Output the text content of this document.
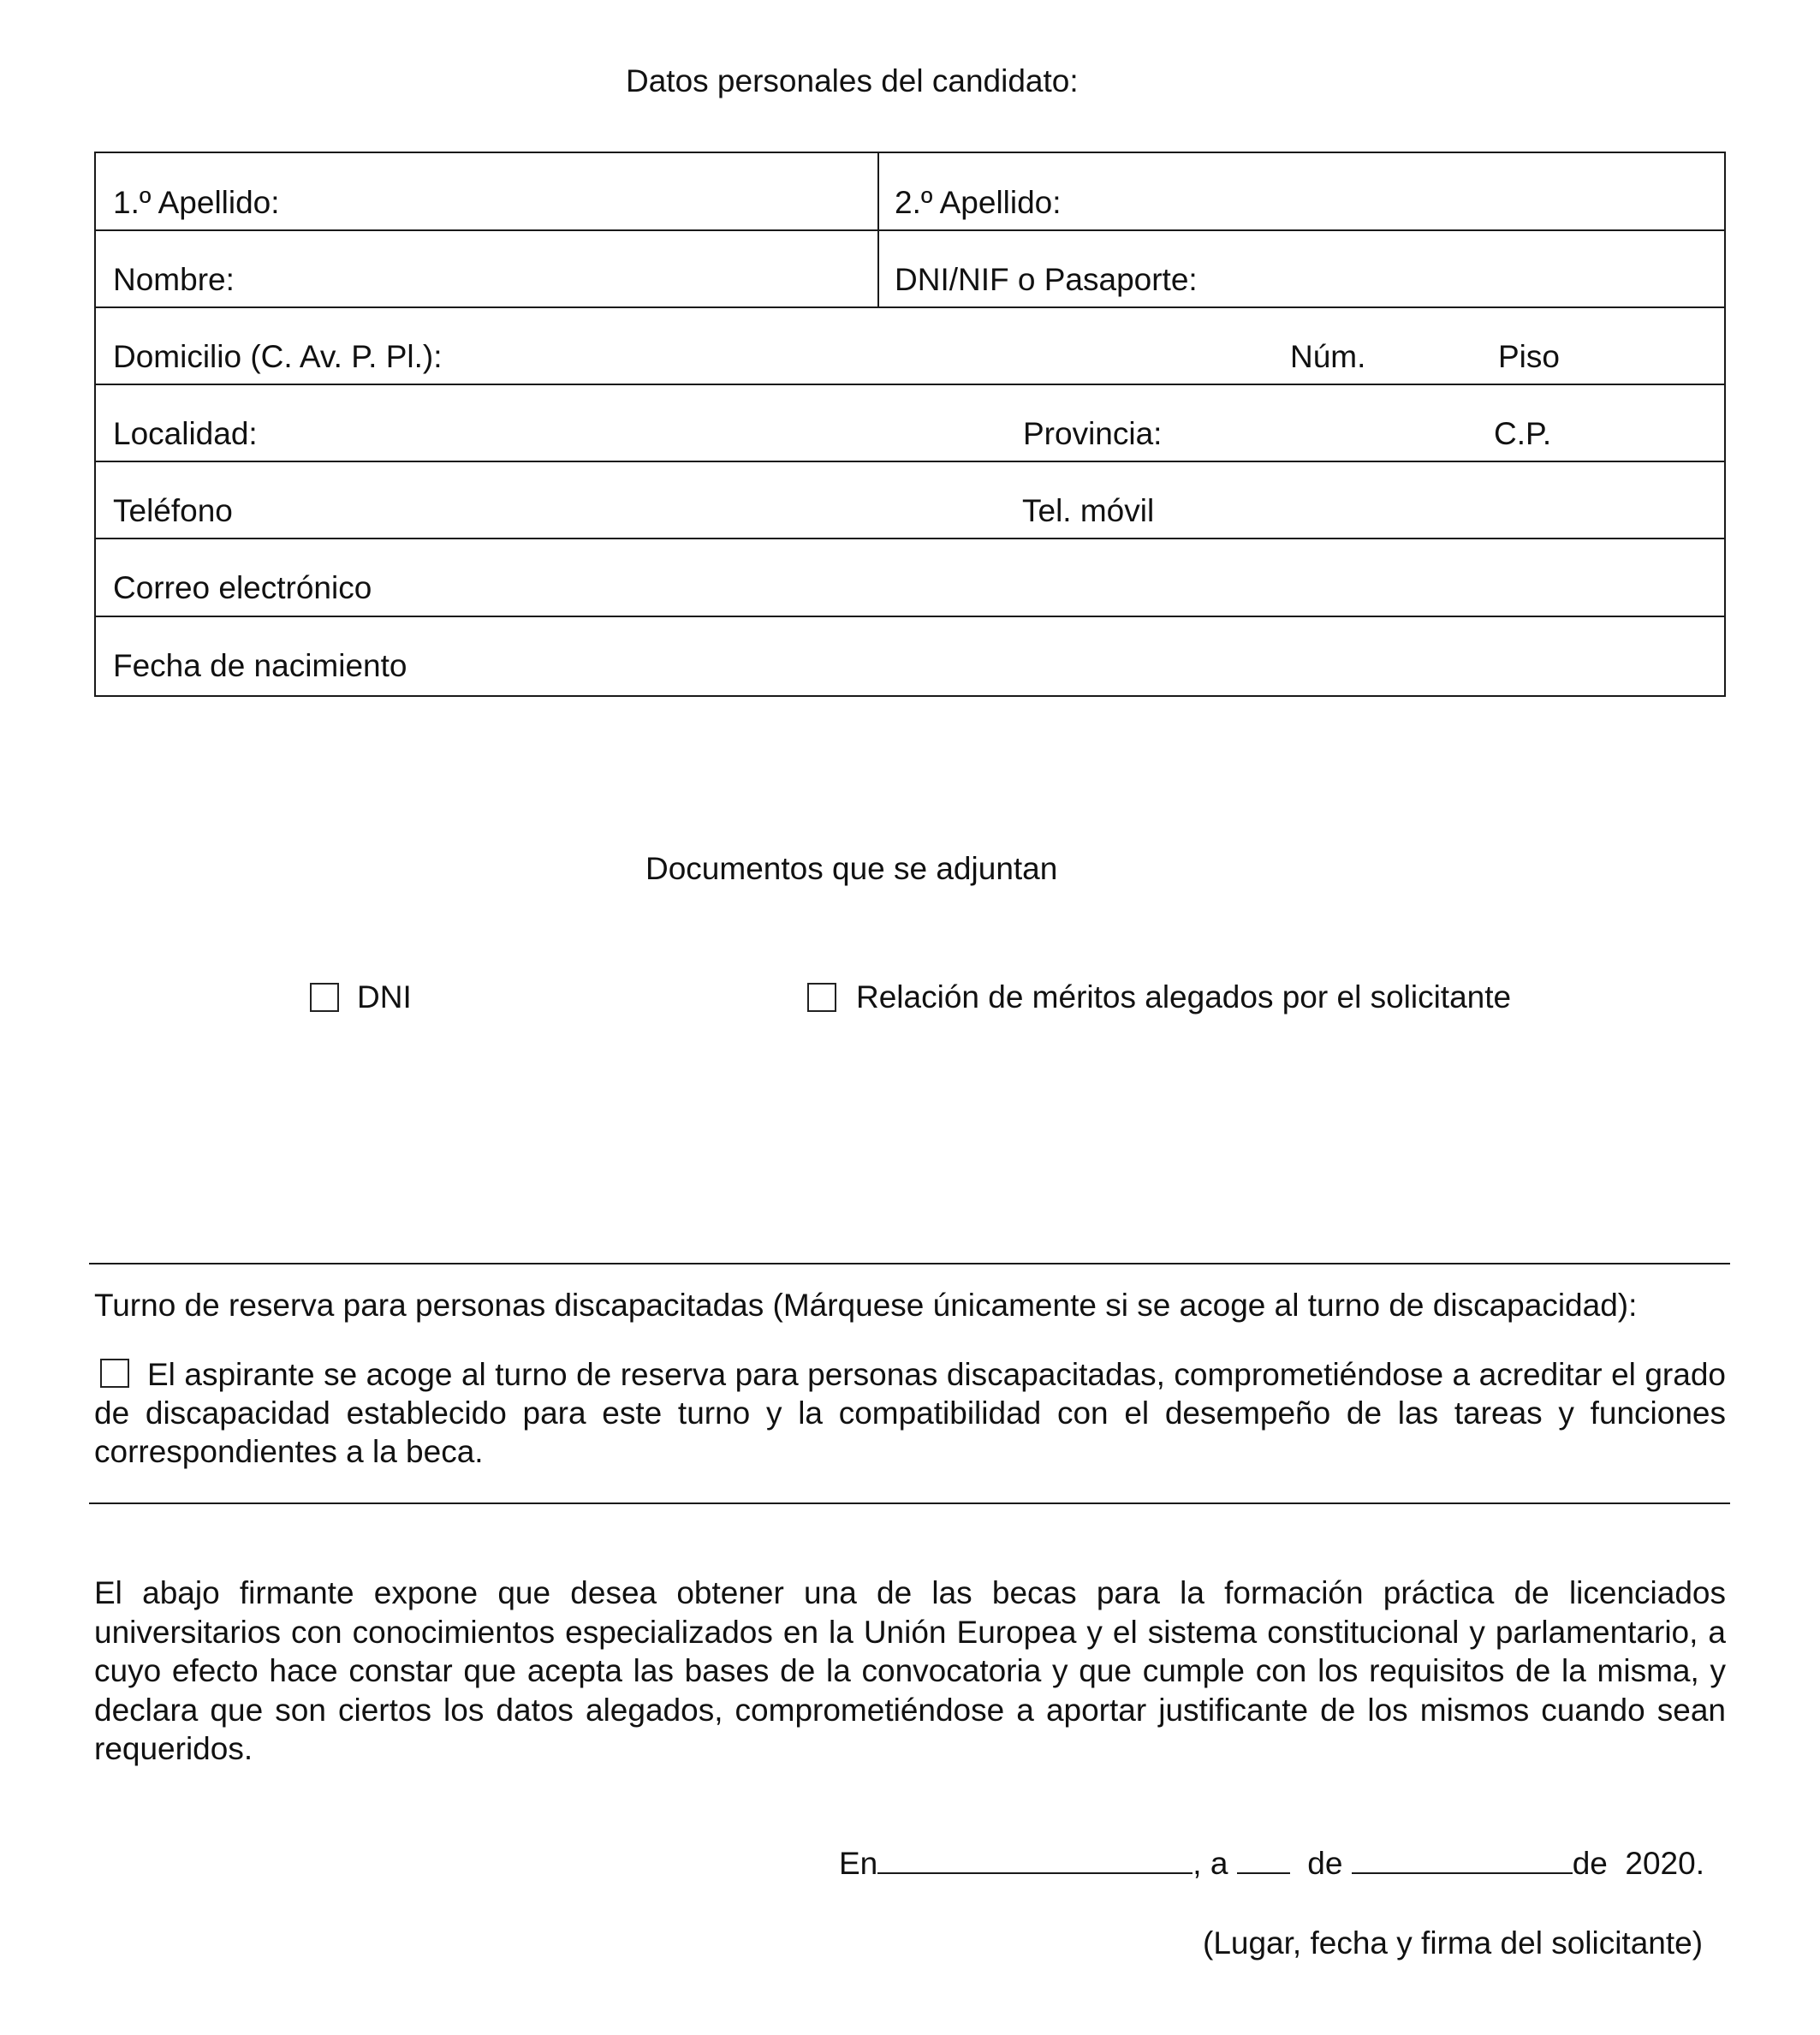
Datos personales del candidato:
1.º Apellido:	2.º Apellido:
Nombre:	DNI/NIF o Pasaporte:
Domicilio (C. Av. P. Pl.):	Núm.	Piso
Localidad:	Provincia:	C.P.
Teléfono	Tel. móvil
Correo electrónico
Fecha de nacimiento
Documentos que se adjuntan
DNI	Relación de méritos alegados por el solicitante
Turno de reserva para personas discapacitadas (Márquese únicamente si se acoge al turno de discapacidad):
El aspirante se acoge al turno de reserva para personas discapacitadas, comprometiéndose a acreditar el grado de discapacidad establecido para este turno y la compatibilidad con el desempeño de las tareas y funciones correspondientes a la beca.
El abajo firmante expone que desea obtener una de las becas para la formación práctica de licenciados universitarios con conocimientos especializados en la Unión Europea y el sistema constitucional y parlamentario, a cuyo efecto hace constar que acepta las bases de la convocatoria y que cumple con los requisitos de la misma, y declara que son ciertos los datos alegados, comprometiéndose a aportar justificante de los mismos cuando sean requeridos.
En	, a	de	de 2020.
(Lugar, fecha y firma del solicitante)
